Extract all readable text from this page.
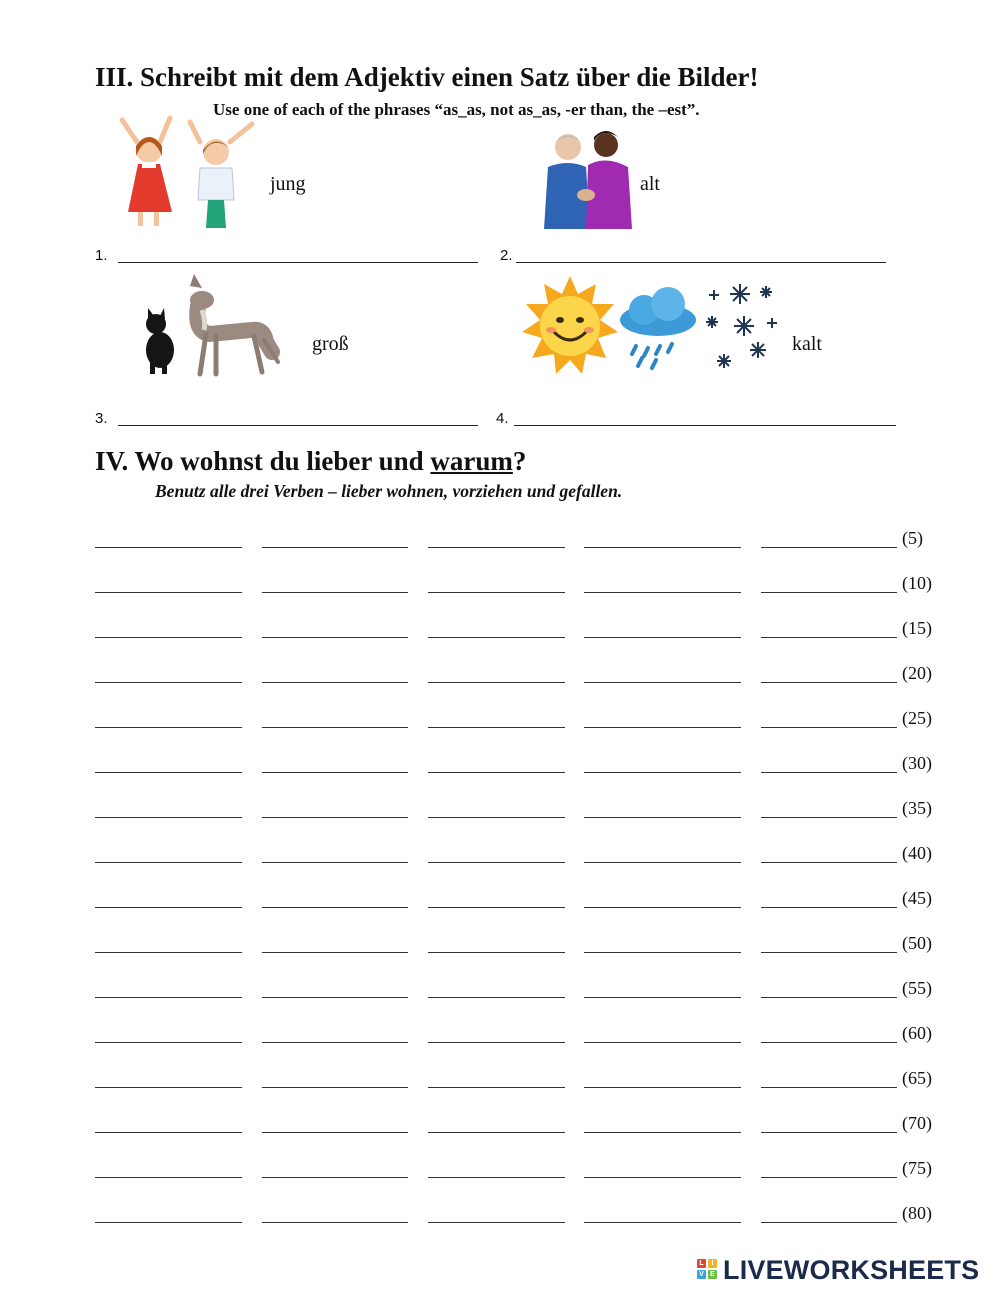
III. Schreibt mit dem Adjektiv einen Satz über die Bilder!
Use one of each of the phrases “as_as, not as_as, -er than, the –est”.
jung	alt
1.	2.
groß	kalt
3.	4.
IV. Wo wohnst du lieber und warum?
Benutz alle drei Verben – lieber wohnen, vorziehen und gefallen.
(5)
(10)
(15)
(20)
(25)
(30)
(35)
(40)
(45)
(50)
(55)
(60)
(65)
(70)
(75)
(80)
L	I
V E LIVEWORKSHEETS
